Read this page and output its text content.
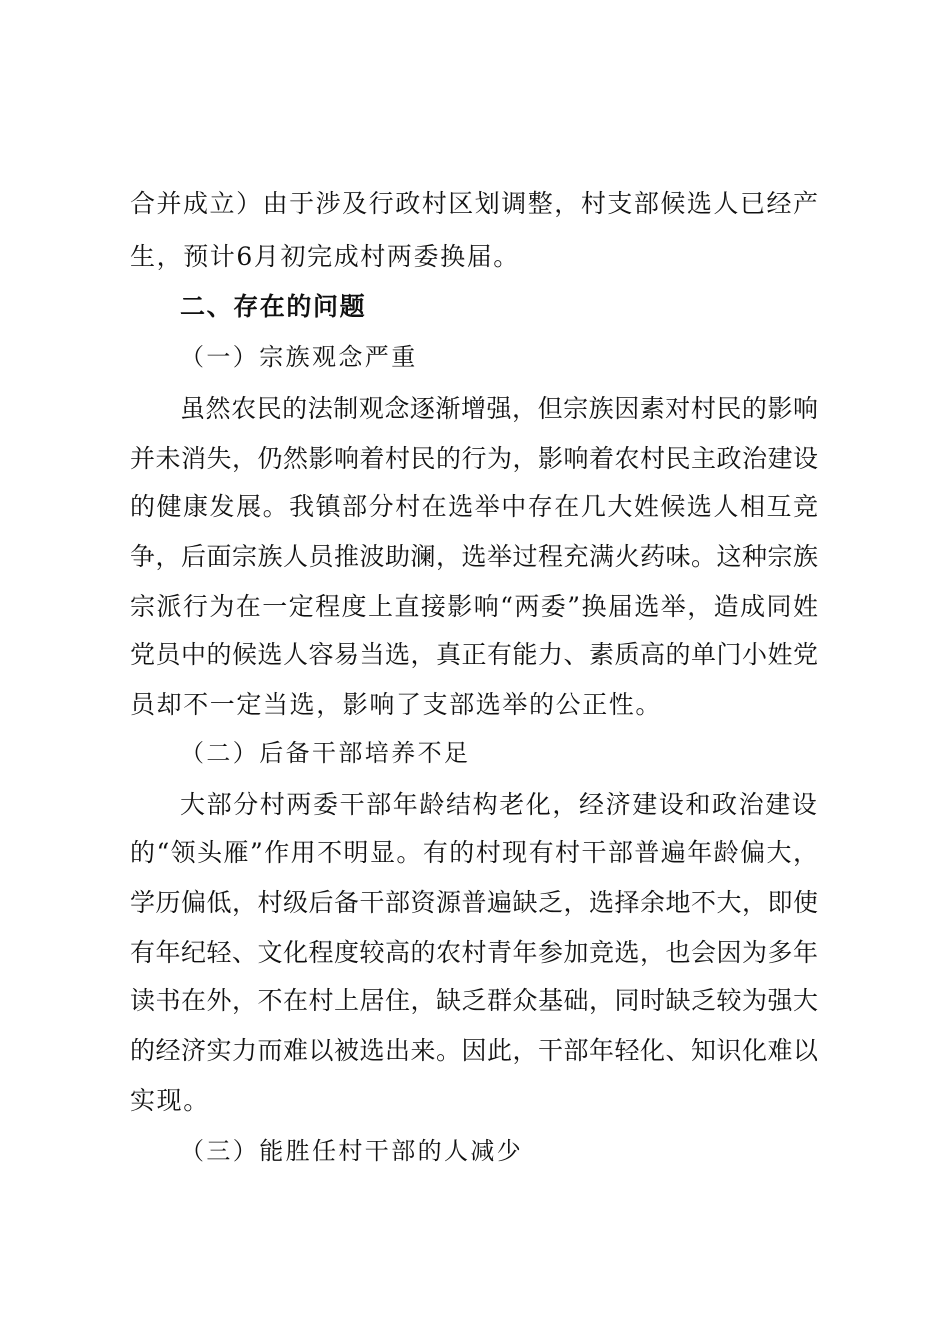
合并成立）由于涉及行政村区划调整，村支部候选人已经产
生，预计6月初完成村两委换届。
二、存在的问题
（一）宗族观念严重
虽然农民的法制观念逐渐增强，但宗族因素对村民的影响
并未消失，仍然影响着村民的行为，影响着农村民主政治建设
的健康发展。我镇部分村在选举中存在几大姓候选人相互竞
争，后面宗族人员推波助澜，选举过程充满火药味。这种宗族
宗派行为在一定程度上直接影响“两委”换届选举，造成同姓
党员中的候选人容易当选，真正有能力、素质高的单门小姓党
员却不一定当选，影响了支部选举的公正性。
（二）后备干部培养不足
大部分村两委干部年龄结构老化，经济建设和政治建设
的“领头雁”作用不明显。有的村现有村干部普遍年龄偏大，
学历偏低，村级后备干部资源普遍缺乏，选择余地不大，即使
有年纪轻、文化程度较高的农村青年参加竞选，也会因为多年
读书在外，不在村上居住，缺乏群众基础，同时缺乏较为强大
的经济实力而难以被选出来。因此，干部年轻化、知识化难以
实现。
（三）能胜任村干部的人减少
